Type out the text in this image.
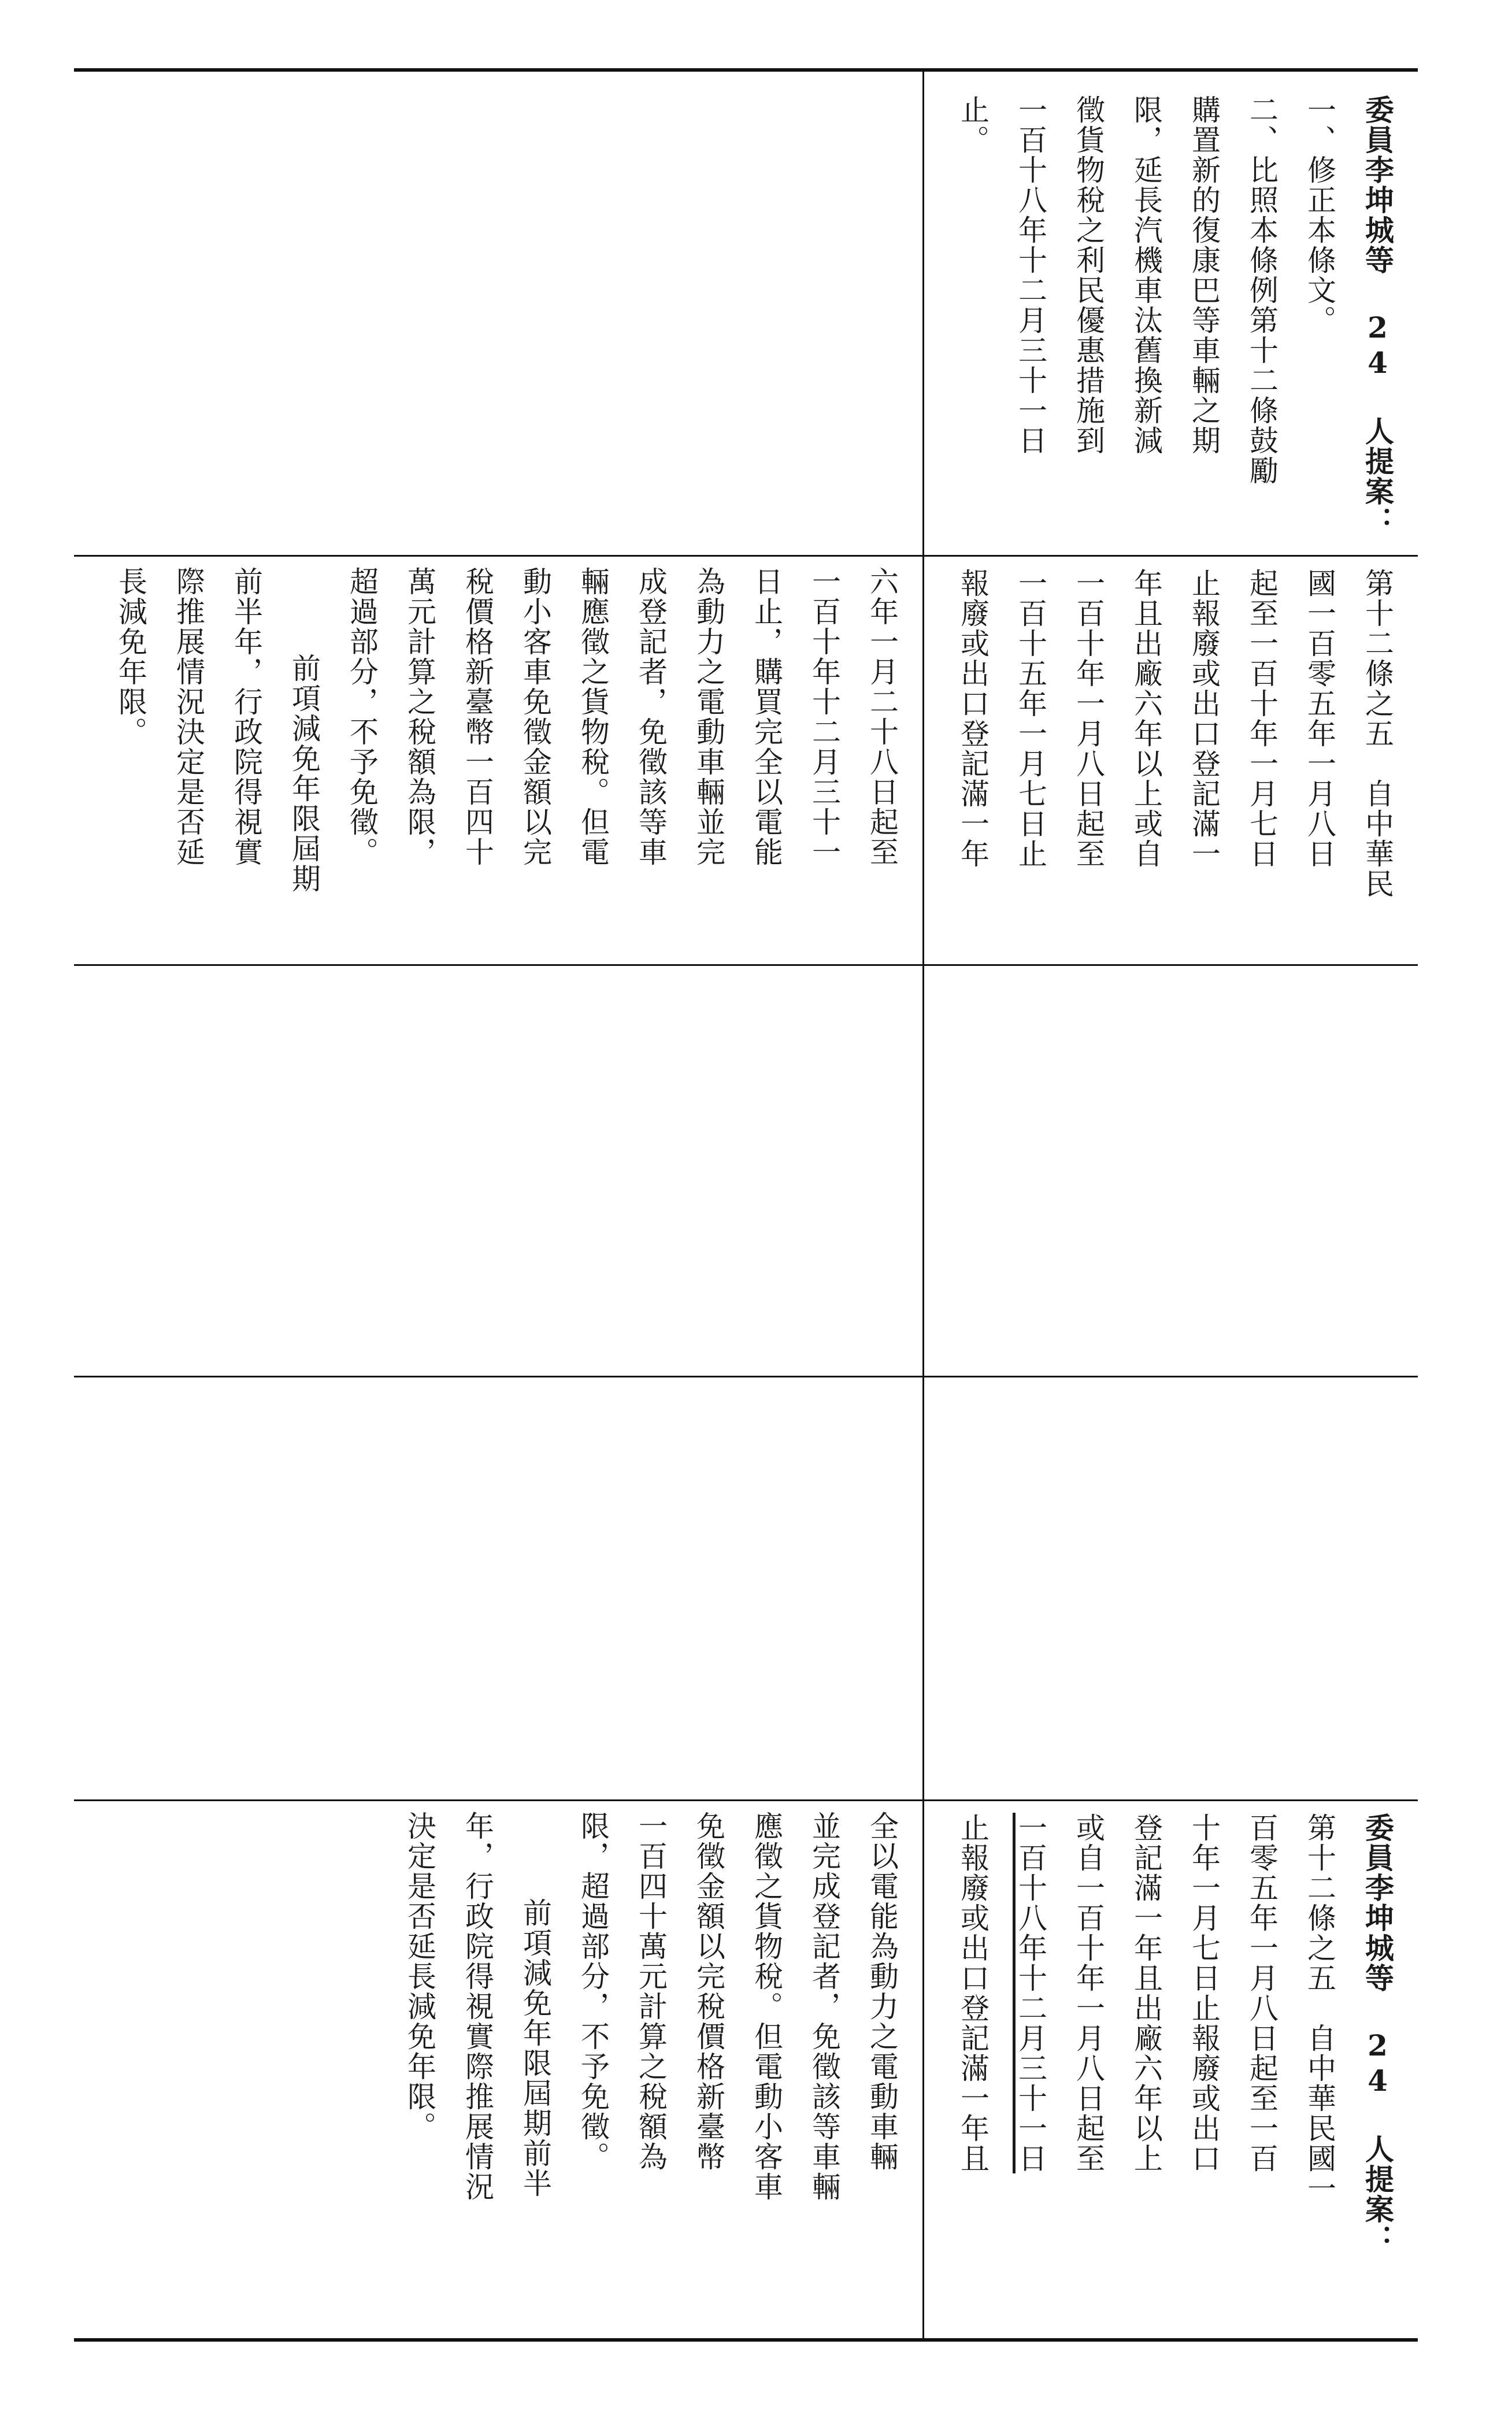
六年一月二十八日起至
一百十年十二月三十一
日止，購買完全以電能
為動力之電動車輛並完
成登記者，免徵該等車
輛應徵之貨物稅。但電
動小客車免徵金額以完
稅價格新臺幣一百四十
萬元計算之稅額為限，
超過部分，不予免徵。
前項減免年限屆期
前半年，行政院得視實
際推展情況決定是否延
長減免年限。
全以電能為動力之電動車輛
並完成登記者，免徵該等車輛
應徵之貨物稅。但電動小客車
免徵金額以完稅價格新臺幣
一百四十萬元計算之稅額為
限，超過部分，不予免徵。
前項減免年限屆期前半
年，行政院得視實際推展情況
決定是否延長減免年限。
委員李坤城等 24 人提案：
一、修正本條文。
二、比照本條例第十二條鼓勵
購置新的復康巴等車輛之期
限，延長汽機車汰舊換新減
徵貨物稅之利民優惠措施到
一百十八年十二月三十一日
止。
第十二條之五　自中華民
國一百零五年一月八日
起至一百十年一月七日
止報廢或出口登記滿一
年且出廠六年以上或自
一百十年一月八日起至
一百十五年一月七日止
報廢或出口登記滿一年
委員李坤城等 24 人提案：
第十二條之五　自中華民國一
百零五年一月八日起至一百
十年一月七日止報廢或出口
登記滿一年且出廠六年以上
或自一百十年一月八日起至
一百十八年十二月三十一日
止報廢或出口登記滿一年且
